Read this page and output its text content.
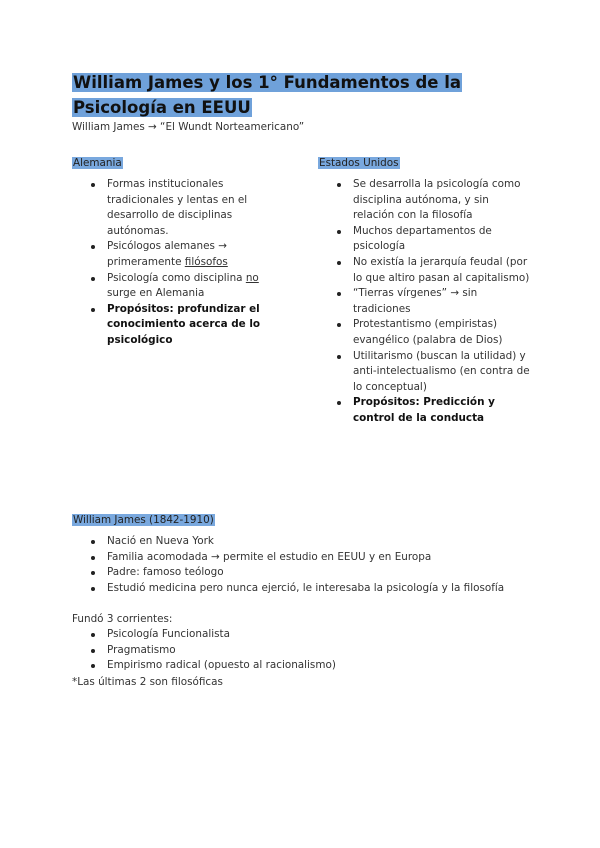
William James y los 1° Fundamentos de la Psicología en EEUU
William James → “El Wundt Norteamericano”
Alemania
Formas institucionales tradicionales y lentas en el desarrollo de disciplinas autónomas.
Psicólogos alemanes → primeramente filósofos
Psicología como disciplina no surge en Alemania
Propósitos: profundizar el conocimiento acerca de lo psicológico
Estados Unidos
Se desarrolla la psicología como disciplina autónoma, y sin relación con la filosofía
Muchos departamentos de psicología
No existía la jerarquía feudal (por lo que altiro pasan al capitalismo)
“Tierras vírgenes” → sin tradiciones
Protestantismo (empiristas) evangélico (palabra de Dios)
Utilitarismo (buscan la utilidad) y anti-intelectualismo (en contra de lo conceptual)
Propósitos: Predicción y control de la conducta
William James (1842-1910)
Nació en Nueva York
Familia acomodada → permite el estudio en EEUU y en Europa
Padre: famoso teólogo
Estudió medicina pero nunca ejerció, le interesaba la psicología y la filosofía
Fundó 3 corrientes:
Psicología Funcionalista
Pragmatismo
Empirismo radical (opuesto al racionalismo)
*Las últimas 2 son filosóficas
